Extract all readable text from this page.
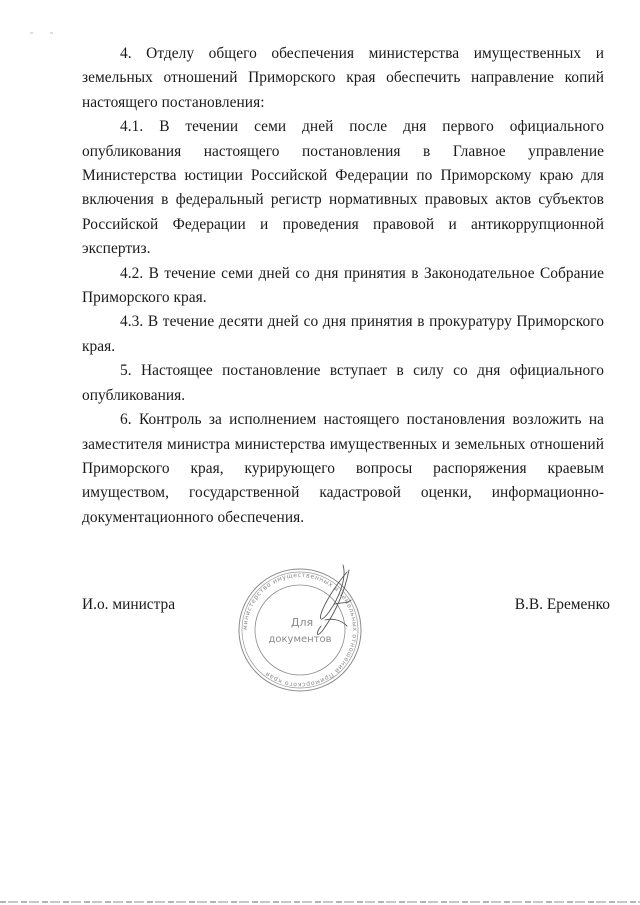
4. Отделу общего обеспечения министерства имущественных и земельных отношений Приморского края обеспечить направление копий настоящего постановления:

4.1. В течении семи дней после дня первого официального опубликования настоящего постановления в Главное управление Министерства юстиции Российской Федерации по Приморскому краю для включения в федеральный регистр нормативных правовых актов субъектов Российской Федерации и проведения правовой и антикоррупционной экспертиз.

4.2. В течение семи дней со дня принятия в Законодательное Собрание Приморского края.

4.3. В течение десяти дней со дня принятия в прокуратуру Приморского края.

5. Настоящее постановление вступает в силу со дня официального опубликования.

6. Контроль за исполнением настоящего постановления возложить на заместителя министра министерства имущественных и земельных отношений Приморского края, курирующего вопросы распоряжения краевым имуществом, государственной кадастровой оценки, информационно-документационного обеспечения.

И.о. министра	В.В. Еременко
министерство имущественных и земельных отношений Приморского края
Для
документов
